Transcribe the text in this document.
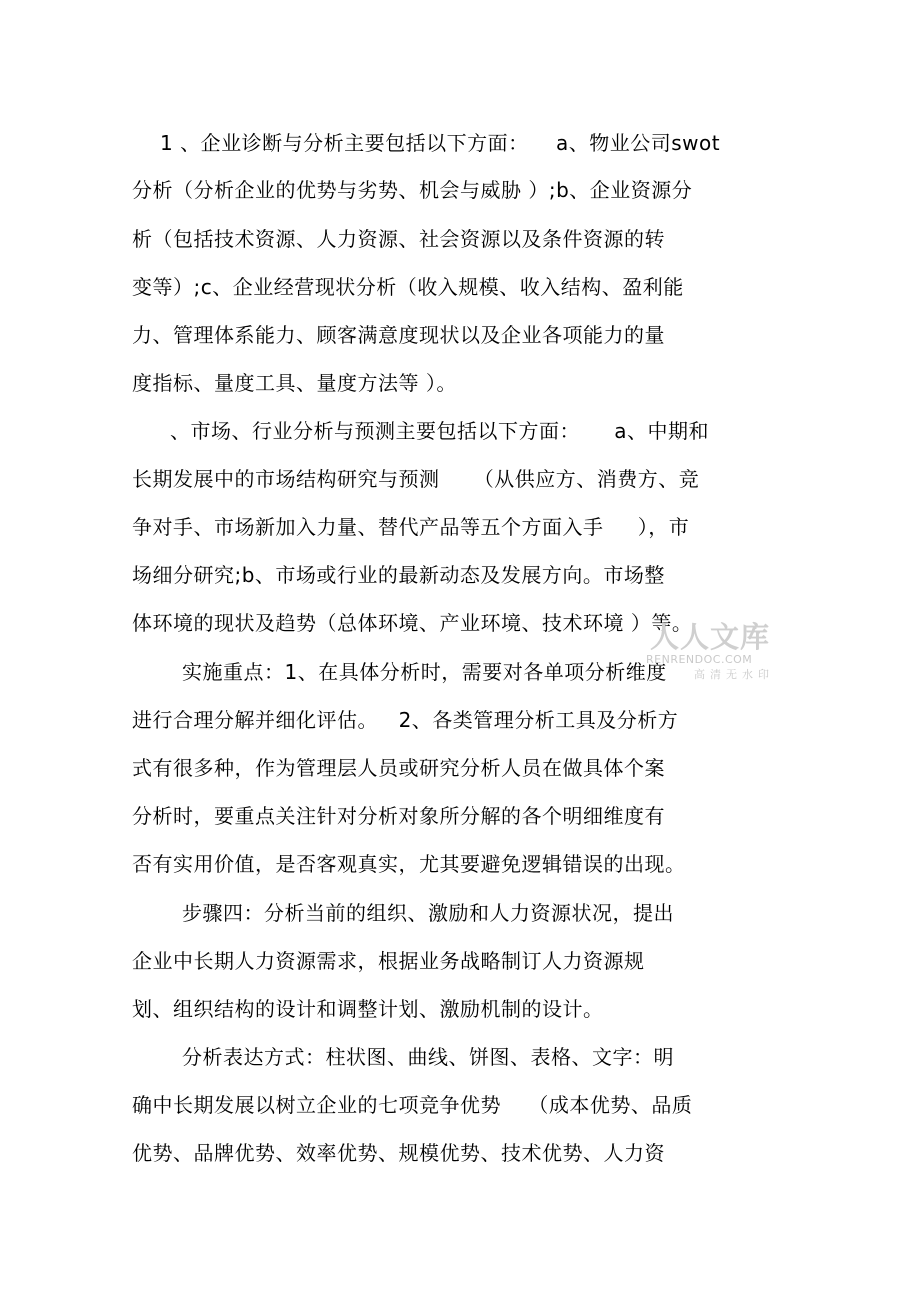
1 、企业诊断与分析主要包括以下方面：    a、物业公司swot
分析（分析企业的优势与劣势、机会与威胁 ）;b、企业资源分
析（包括技术资源、人力资源、社会资源以及条件资源的转
变等）;c、企业经营现状分析（收入规模、收入结构、盈利能
力、管理体系能力、顾客满意度现状以及企业各项能力的量
度指标、量度工具、量度方法等 ）。
、市场、行业分析与预测主要包括以下方面：     a、中期和
长期发展中的市场结构研究与预测     （从供应方、消费方、竞
争对手、市场新加入力量、替代产品等五个方面入手     ），市
场细分研究;b、市场或行业的最新动态及发展方向。市场整
体环境的现状及趋势（总体环境、产业环境、技术环境 ）等。
实施重点：1、在具体分析时，需要对各单项分析维度
进行合理分解并细化评估。   2、各类管理分析工具及分析方
式有很多种，作为管理层人员或研究分析人员在做具体个案
分析时，要重点关注针对分析对象所分解的各个明细维度有
否有实用价值，是否客观真实，尤其要避免逻辑错误的出现。
步骤四：分析当前的组织、激励和人力资源状况，提出
企业中长期人力资源需求，根据业务战略制订人力资源规
划、组织结构的设计和调整计划、激励机制的设计。
分析表达方式：柱状图、曲线、饼图、表格、文字：明
确中长期发展以树立企业的七项竞争优势    （成本优势、品质
优势、品牌优势、效率优势、规模优势、技术优势、人力资
人人文库
RENRENDOC.COM
高清无水印
